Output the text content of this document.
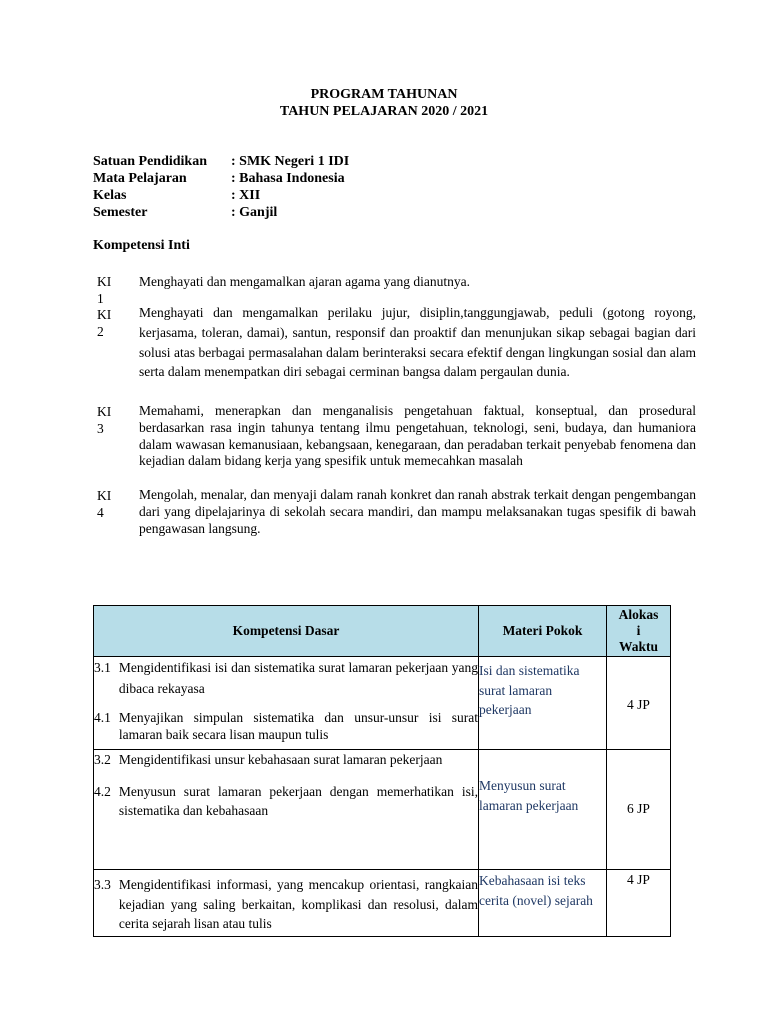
PROGRAM TAHUNAN
TAHUN PELAJARAN 2020 / 2021
Satuan Pendidikan : SMK Negeri 1 IDI
Mata Pelajaran	: Bahasa Indonesia
Kelas	: XII
Semester	: Ganjil
Kompetensi Inti
KI
1
Menghayati dan mengamalkan ajaran agama yang dianutnya.
KI
2
Menghayati dan mengamalkan perilaku jujur, disiplin,tanggungjawab, peduli (gotong royong, kerjasama, toleran, damai), santun, responsif dan proaktif dan menunjukan sikap sebagai bagian dari solusi atas berbagai permasalahan dalam berinteraksi secara efektif dengan lingkungan sosial dan alam serta dalam menempatkan diri sebagai cerminan bangsa dalam pergaulan dunia.
KI
3
Memahami, menerapkan dan menganalisis pengetahuan faktual, konseptual, dan prosedural berdasarkan rasa ingin tahunya tentang ilmu pengetahuan, teknologi, seni, budaya, dan humaniora dalam wawasan kemanusiaan, kebangsaan, kenegaraan, dan peradaban terkait penyebab fenomena dan kejadian dalam bidang kerja yang spesifik untuk memecahkan masalah
KI
4
Mengolah, menalar, dan menyaji dalam ranah konkret dan ranah abstrak terkait dengan pengembangan dari yang dipelajarinya di sekolah secara mandiri, dan mampu melaksanakan tugas spesifik di bawah pengawasan langsung.
Kompetensi Dasar	Materi Pokok	Alokas
i
Waktu

3.1 Mengidentifikasi isi dan sistematika surat lamaran pekerjaan yang dibaca rekayasa
4.1 Menyajikan simpulan sistematika dan unsur-unsur isi surat lamaran baik secara lisan maupun tulis	Isi dan sistematika surat lamaran pekerjaan	4 JP

3.2 Mengidentifikasi unsur kebahasaan surat lamaran pekerjaan
4.2 Menyusun surat lamaran pekerjaan dengan memerhatikan isi, sistematika dan kebahasaan	Menyusun surat lamaran pekerjaan	6 JP

3.3 Mengidentifikasi informasi, yang mencakup orientasi, rangkaian kejadian yang saling berkaitan, komplikasi dan resolusi, dalam cerita sejarah lisan atau tulis	Kebahasaan isi teks cerita (novel) sejarah	4 JP
